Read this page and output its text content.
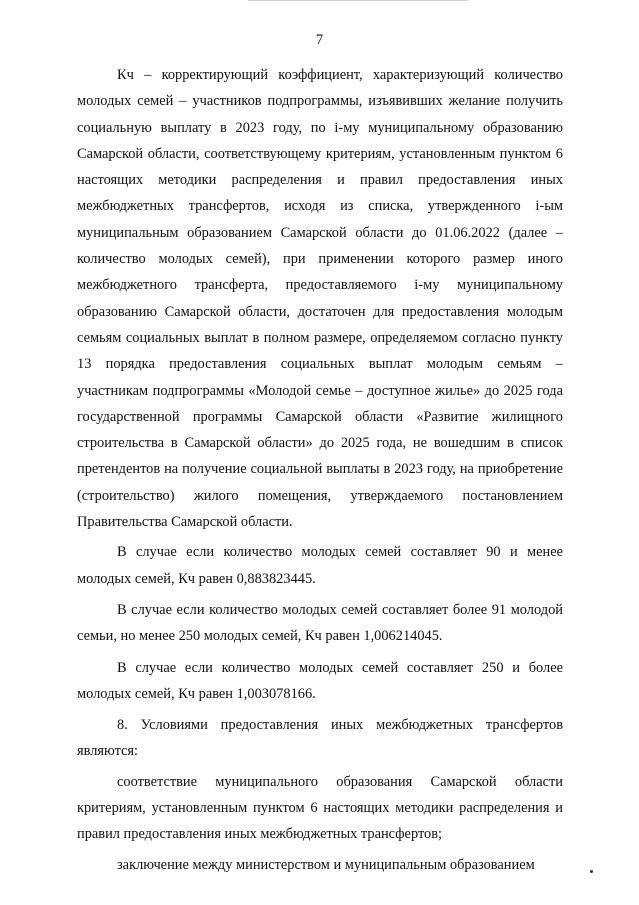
7

Кч – корректирующий коэффициент, характеризующий количество молодых семей – участников подпрограммы, изъявивших желание получить социальную выплату в 2023 году, по i-му муниципальному образованию Самарской области, соответствующему критериям, установленным пунктом 6 настоящих методики распределения и правил предоставления иных межбюджетных трансфертов, исходя из списка, утвержденного i-ым муниципальным образованием Самарской области до 01.06.2022 (далее – количество молодых семей), при применении которого размер иного межбюджетного трансферта, предоставляемого i-му муниципальному образованию Самарской области, достаточен для предоставления молодым семьям социальных выплат в полном размере, определяемом согласно пункту 13 порядка предоставления социальных выплат молодым семьям – участникам подпрограммы «Молодой семье – доступное жилье» до 2025 года государственной программы Самарской области «Развитие жилищного строительства в Самарской области» до 2025 года, не вошедшим в список претендентов на получение социальной выплаты в 2023 году, на приобретение (строительство) жилого помещения, утверждаемого постановлением Правительства Самарской области.

В случае если количество молодых семей составляет 90 и менее молодых семей, Кч равен 0,883823445.

В случае если количество молодых семей составляет более 91 молодой семьи, но менее 250 молодых семей, Кч равен 1,006214045.

В случае если количество молодых семей составляет 250 и более молодых семей, Кч равен 1,003078166.

8. Условиями предоставления иных межбюджетных трансфертов являются:

соответствие муниципального образования Самарской области критериям, установленным пунктом 6 настоящих методики распределения и правил предоставления иных межбюджетных трансфертов;

заключение между министерством и муниципальным образованием
